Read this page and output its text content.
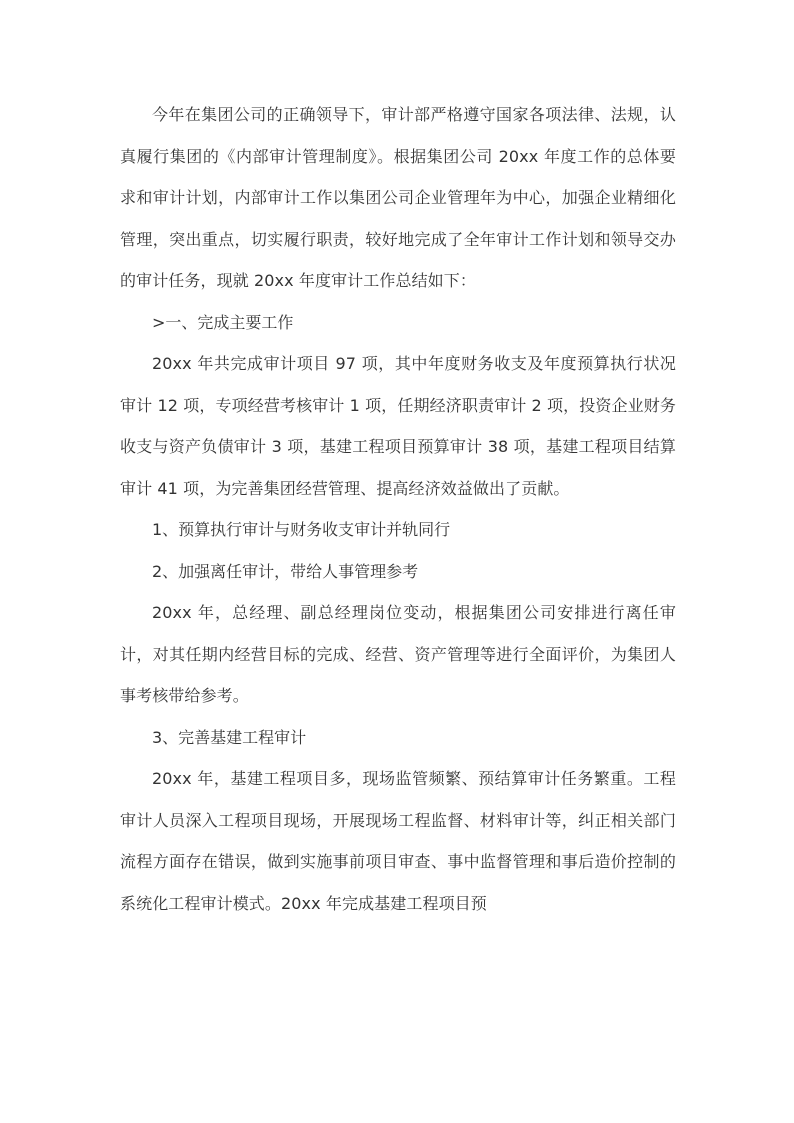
今年在集团公司的正确领导下，审计部严格遵守国家各项法律、法规，认真履行集团的《内部审计管理制度》。根据集团公司 20xx 年度工作的总体要求和审计计划，内部审计工作以集团公司企业管理年为中心，加强企业精细化管理，突出重点，切实履行职责，较好地完成了全年审计工作计划和领导交办的审计任务，现就 20xx 年度审计工作总结如下：

>一、完成主要工作

20xx 年共完成审计项目 97 项，其中年度财务收支及年度预算执行状况审计 12 项，专项经营考核审计 1 项，任期经济职责审计 2 项，投资企业财务收支与资产负债审计 3 项，基建工程项目预算审计 38 项，基建工程项目结算审计 41 项，为完善集团经营管理、提高经济效益做出了贡献。

1、预算执行审计与财务收支审计并轨同行

2、加强离任审计，带给人事管理参考

20xx 年，总经理、副总经理岗位变动，根据集团公司安排进行离任审计，对其任期内经营目标的完成、经营、资产管理等进行全面评价，为集团人事考核带给参考。

3、完善基建工程审计

20xx 年，基建工程项目多，现场监管频繁、预结算审计任务繁重。工程审计人员深入工程项目现场，开展现场工程监督、材料审计等，纠正相关部门流程方面存在错误，做到实施事前项目审查、事中监督管理和事后造价控制的系统化工程审计模式。20xx 年完成基建工程项目预
